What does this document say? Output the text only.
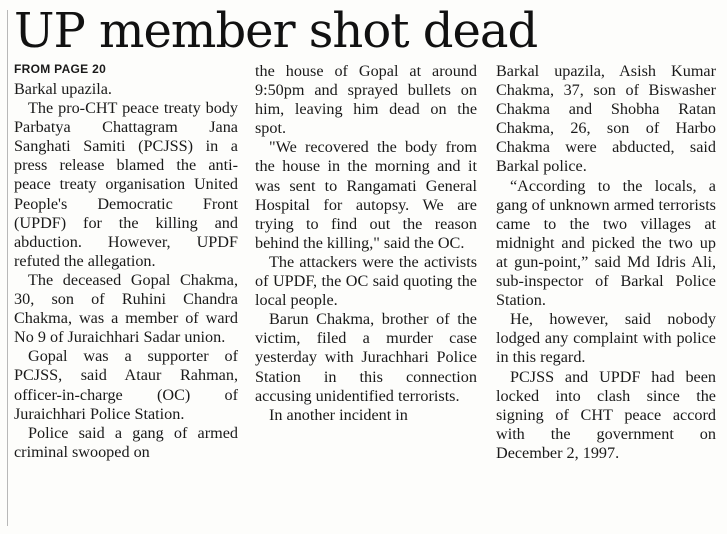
UP member shot dead
FROM PAGE 20

Barkal upazila.

The pro-CHT peace treaty body Parbatya Chattagram Jana Sanghati Samiti (PCJSS) in a press release blamed the anti-peace treaty organisation United People's Democratic Front (UPDF) for the killing and abduction. However, UPDF refuted the allegation.

The deceased Gopal Chakma, 30, son of Ruhini Chandra Chakma, was a member of ward No 9 of Juraichhari Sadar union.

Gopal was a supporter of PCJSS, said Ataur Rahman, officer-in-charge (OC) of Juraichhari Police Station.

Police said a gang of armed criminal swooped on

the house of Gopal at around 9:50pm and sprayed bullets on him, leaving him dead on the spot.

"We recovered the body from the house in the morning and it was sent to Rangamati General Hospital for autopsy. We are trying to find out the reason behind the killing," said the OC.

The attackers were the activists of UPDF, the OC said quoting the local people.

Barun Chakma, brother of the victim, filed a murder case yesterday with Jurachhari Police Station in this connection accusing unidentified terrorists.

In another incident in

Barkal upazila, Asish Kumar Chakma, 37, son of Biswasher Chakma and Shobha Ratan Chakma, 26, son of Harbo Chakma were abducted, said Barkal police.

“According to the locals, a gang of unknown armed terrorists came to the two villages at midnight and picked the two up at gun-point,” said Md Idris Ali, sub-inspector of Barkal Police Station.

He, however, said nobody lodged any complaint with police in this regard.

PCJSS and UPDF had been locked into clash since the signing of CHT peace accord with the government on December 2, 1997.
